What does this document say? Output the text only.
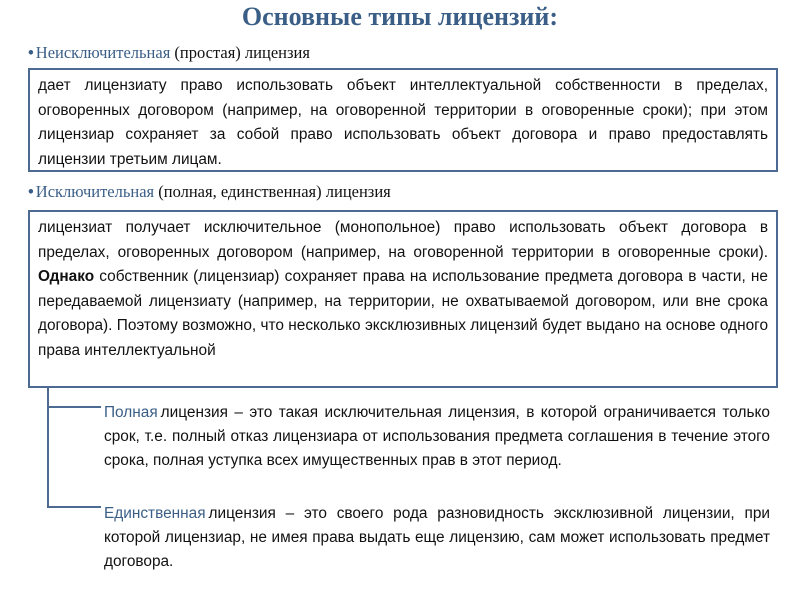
Основные типы лицензий:
• Неисключительная (простая) лицензия
дает лицензиату право использовать объект интеллектуальной собственности в пределах, оговоренных договором (например, на оговоренной территории в оговоренные сроки); при этом лицензиар сохраняет за собой право использовать объект договора и право предоставлять лицензии третьим лицам.
• Исключительная (полная, единственная) лицензия
лицензиат получает исключительное (монопольное) право использовать объект договора в пределах, оговоренных договором (например, на оговоренной территории в оговоренные сроки). Однако собственник (лицензиар) сохраняет права на использование предмета договора в части, не передаваемой лицензиату (например, на территории, не охватываемой договором, или вне срока договора). Поэтому возможно, что несколько эксклюзивных лицензий будет выдано на основе одного права интеллектуальной
Полная лицензия – это такая исключительная лицензия, в которой ограничивается только срок, т.е. полный отказ лицензиара от использования предмета соглашения в течение этого срока, полная уступка всех имущественных прав в этот период.
Единственная лицензия – это своего рода разновидность эксклюзивной лицензии, при которой лицензиар, не имея права выдать еще лицензию, сам может использовать предмет договора.
